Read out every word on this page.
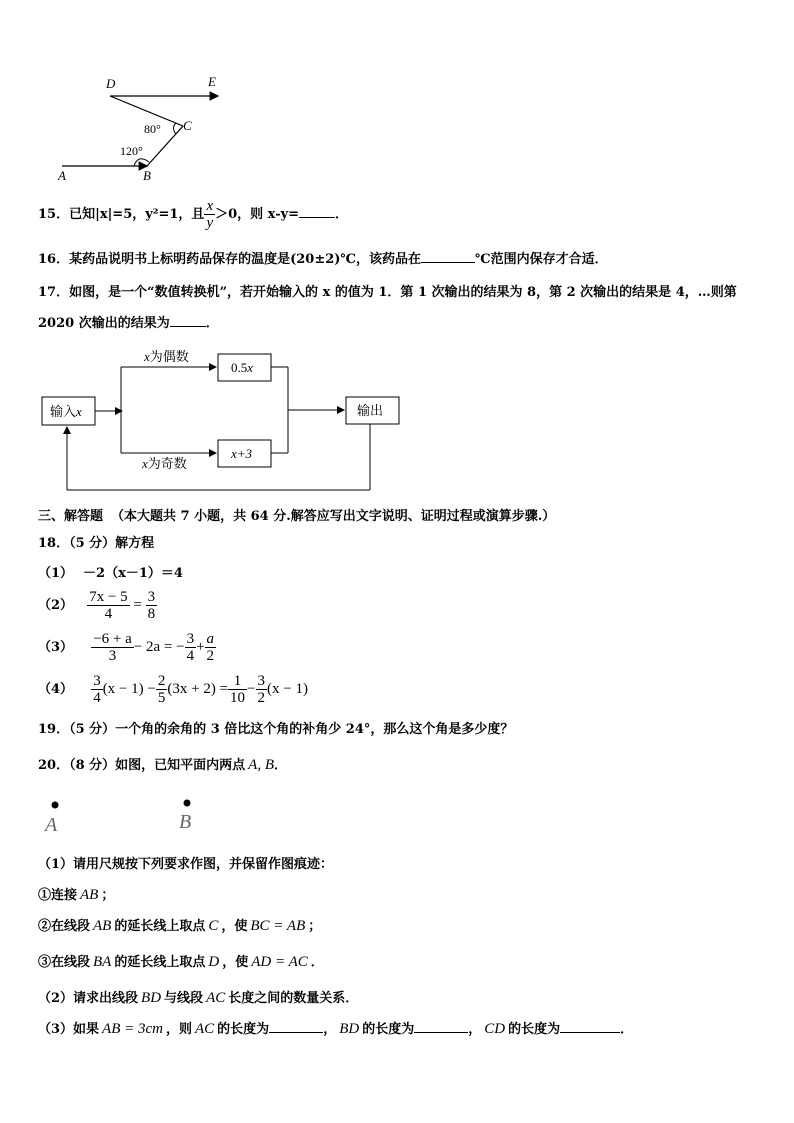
D	E
C
A	B
80°
120°
15．已知|x|=5，y²=1，且 $\frac{x}{y} >0$，则 x-y=	．
16．某药品说明书上标明药品保存的温度是(20±2)℃，该药品在	℃范围内保存才合适．
17．如图，是一个“数值转换机”，若开始输入的 x 的值为 1．第 1 次输出的结果为 8，第 2 次输出的结果是 4，…则第
2020 次输出的结果为	．
输入x
x为偶数
x为奇数
0.5x
x+3
输出
三、解答题 （本大题共 7 小题，共 64 分.解答应写出文字说明、证明过程或演算步骤.）
18．（5 分）解方程
（1） －2（x－1）＝4
$(2) \frac{7x - 5}{4} = \frac{3}{8}$
$(3) \frac{-6 + a}{3} - 2a$ = − $\frac{3}{4} + \frac{a}{2}$
$(4) \frac{3}{4} (x - 1) - \frac{2}{5} (3x + 2) = \frac{1}{10} - \frac{3}{2} (x - 1)$
19．（5 分）一个角的余角的 3 倍比这个角的补角少 24°，那么这个角是多少度？
20．（8 分）如图，已知平面内两点 A, B．
A	B
（1）请用尺规按下列要求作图，并保留作图痕迹：
①连接 AB ；
②在线段 AB 的延长线上取点 C ，使 BC = AB ；
③在线段 BA 的延长线上取点 D ，使 AD = AC ．
（2）请求出线段 BD 与线段 AC 长度之间的数量关系．
（3）如果 AB = 3cm ，则 AC 的长度为	， BD 的长度为	， CD 的长度为	．
